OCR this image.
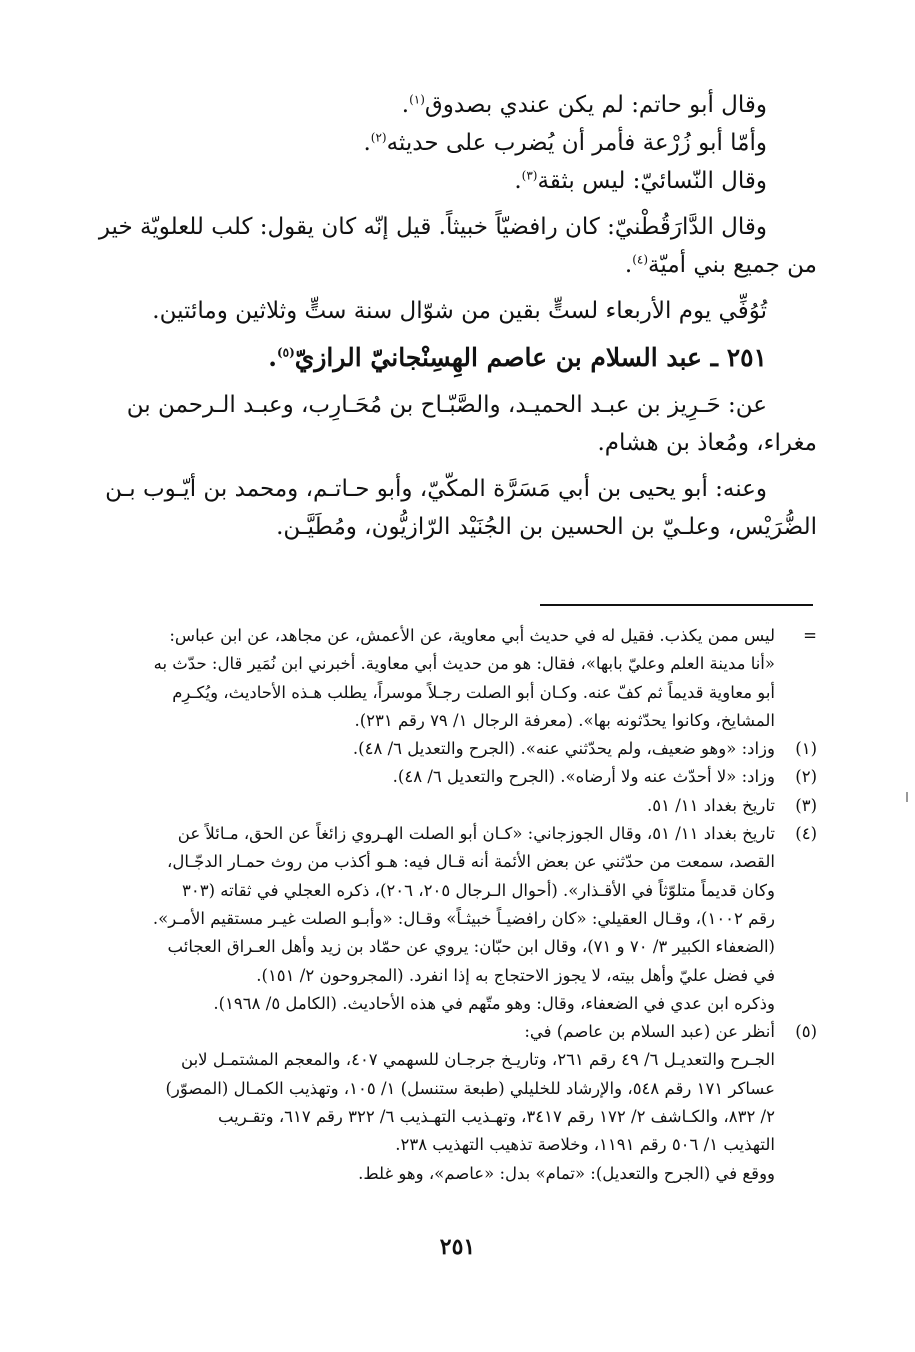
وقال أبو حاتم: لم يكن عندي بصدوق$^{(١)}$.
وأمّا أبو زُرْعة فأمر أن يُضرب على حديثه$^{(٢)}$.
وقال النّسائيّ: ليس بثقة$^{(٣)}$.
وقال الدَّارَقُطْنيّ: كان رافضيّاً خبيثاً. قيل إنّه كان يقول: كلب للعلويّة خير
من جميع بني أميّة$^{(٤)}$.
تُوُفِّي يوم الأربعاء لستٍّ بقين من شوّال سنة ستٍّ وثلاثين ومائتين.
٢٥١ ـ عبد السلام بن عاصم الهِسِنْجانيّ الرازيّ$^{(٥)}$.
عن: حَـرِيز بن عبـد الحميـد، والصَّبّـاح بن مُحَـارِب، وعبـد الـرحمن بن
مغراء، ومُعاذ بن هشام.
وعنه: أبو يحيى بن أبي مَسَرَّة المكّيّ، وأبو حـاتـم، ومحمد بن أيّـوب بـن
الضُّرَيْس، وعلـيّ بن الحسين بن الجُنَيْد الرّازيُّون، ومُطَيَّـن.
=
ليس ممن يكذب. فقيل له في حديث أبي معاوية، عن الأعمش، عن مجاهد، عن ابن عباس:
«أنا مدينة العلم وعليّ بابها»، فقال: هو من حديث أبي معاوية. أخبرني ابن نُمَير قال: حدّث به
أبو معاوية قديماً ثم كفّ عنه. وكـان أبو الصلت رجـلاً موسراً، يطلب هـذه الأحاديث، ويُكـرِم
المشايخ، وكانوا يحدّثونه بها». (معرفة الرجال ١/ ٧٩ رقم ٢٣١).
(١)
وزاد: «وهو ضعيف، ولم يحدّثني عنه». (الجرح والتعديل ٦/ ٤٨).
(٢)
وزاد: «لا أحدّث عنه ولا أرضاه». (الجرح والتعديل ٦/ ٤٨).
(٣)
تاريخ بغداد ١١/ ٥١.
(٤)
تاريخ بغداد ١١/ ٥١، وقال الجوزجاني: «كـان أبو الصلت الهـروي زائغاً عن الحق، مـائلاً عن
القصد، سمعت من حدّثني عن بعض الأئمة أنه قـال فيه: هـو أكذب من روث حمـار الدجّـال،
وكان قديماً متلوّثاً في الأقـذار». (أحوال الـرجال ٢٠٥، ٢٠٦)، ذكره العجلي في ثقاته (٣٠٣
رقم ١٠٠٢)، وقـال العقيلي: «كان رافضيـاً خبيثـاً» وقـال: «وأبـو الصلت غيـر مستقيم الأمـر».
(الضعفاء الكبير ٣/ ٧٠ و ٧١)، وقال ابن حبّان: يروي عن حمّاد بن زيد وأهل العـراق العجائب
في فضل عليّ وأهل بيته، لا يجوز الاحتجاج به إذا انفرد. (المجروحون ٢/ ١٥١).
وذكره ابن عدي في الضعفاء، وقال: وهو متّهم في هذه الأحاديث. (الكامل ٥/ ١٩٦٨).
(٥)
أنظر عن (عبد السلام بن عاصم) في:
الجـرح والتعديـل ٦/ ٤٩ رقم ٢٦١، وتاريـخ جرجـان للسهمي ٤٠٧، والمعجم المشتمـل لابن
عساكر ١٧١ رقم ٥٤٨، والإرشاد للخليلي (طبعة ستنسل) ١/ ١٠٥، وتهذيب الكمـال (المصوّر)
٢/ ٨٣٢، والكـاشف ٢/ ١٧٢ رقم ٣٤١٧، وتهـذيب التهـذيب ٦/ ٣٢٢ رقم ٦١٧، وتقـريب
التهذيب ١/ ٥٠٦ رقم ١١٩١، وخلاصة تذهيب التهذيب ٢٣٨.
ووقع في (الجرح والتعديل): «تمام» بدل: «عاصم»، وهو غلط.
٢٥١
